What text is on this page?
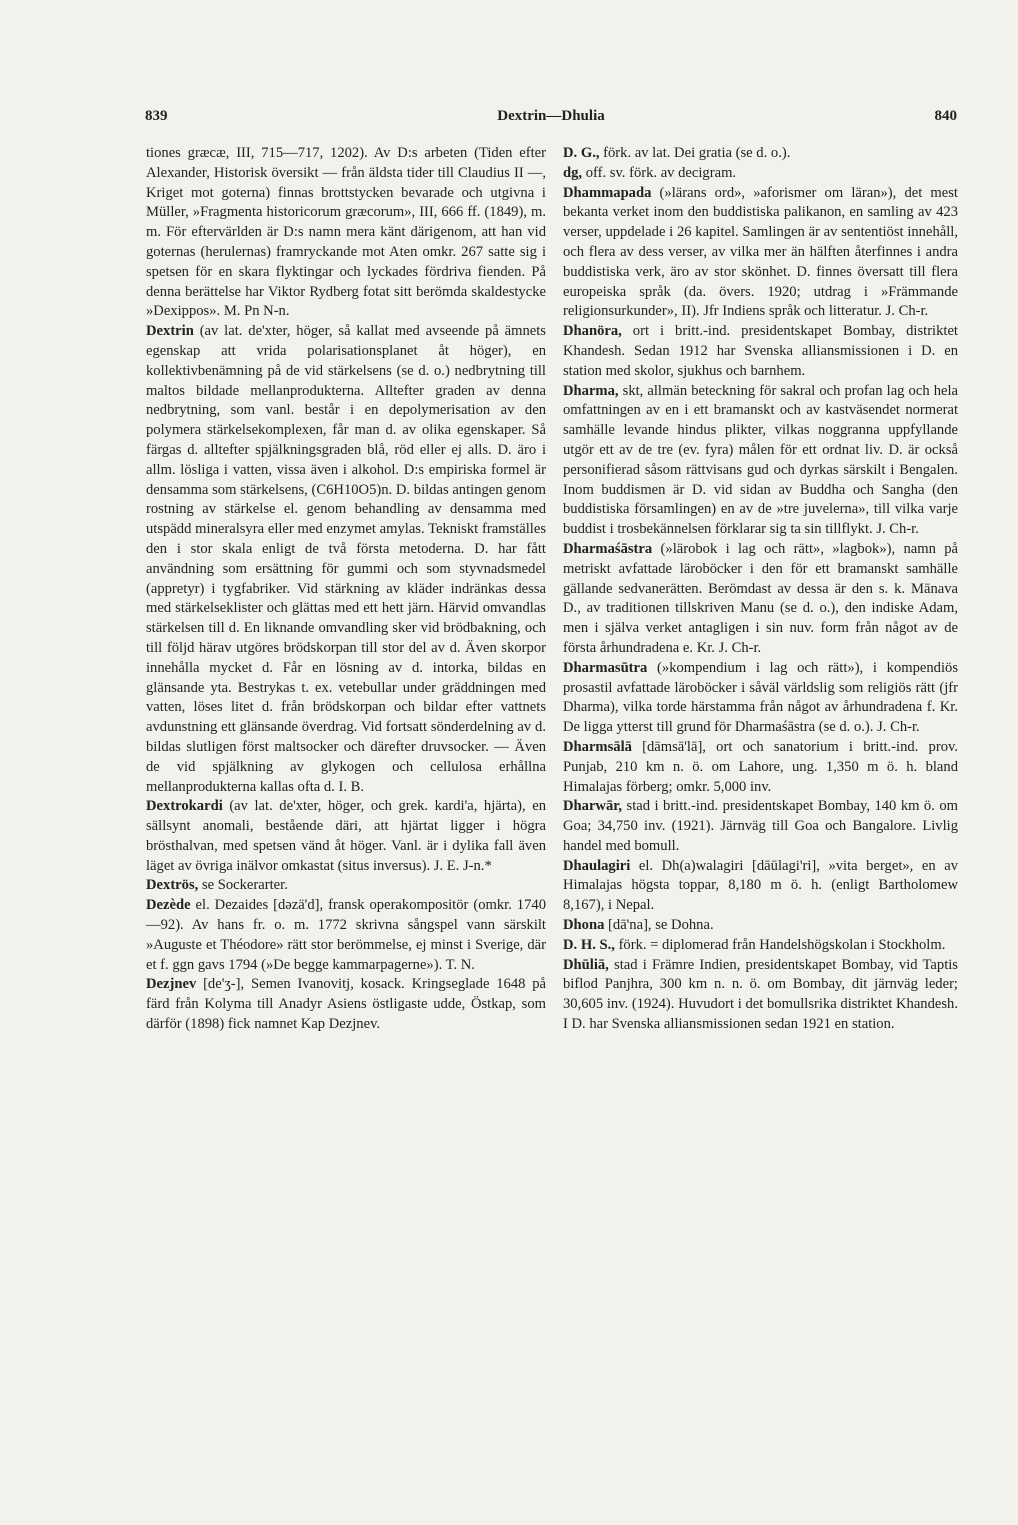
839	Dextrin—Dhulia	840

tiones græcæ, III, 715—717, 1202). Av D:s arbeten (Tiden efter Alexander, Historisk översikt — från äldsta tider till Claudius II —, Kriget mot goterna) finnas brottstycken bevarade och utgivna i Müller, »Fragmenta historicorum græcorum», III, 666 ff. (1849), m. m. För eftervärlden är D:s namn mera känt därigenom, att han vid goternas (herulernas) framryckande mot Aten omkr. 267 satte sig i spetsen för en skara flyktingar och lyckades fördriva fienden. På denna berättelse har Viktor Rydberg fotat sitt berömda skaldestycke »Dexippos». M. Pn N-n.

Dextrin (av lat. de'xter, höger, så kallat med avseende på ämnets egenskap att vrida polarisationsplanet åt höger), en kollektivbenämning på de vid stärkelsens (se d. o.) nedbrytning till maltos bildade mellanprodukterna. Alltefter graden av denna nedbrytning, som vanl. består i en depolymerisation av den polymera stärkelsekomplexen, får man d. av olika egenskaper. Så färgas d. alltefter spjälkningsgraden blå, röd eller ej alls. D. äro i allm. lösliga i vatten, vissa även i alkohol. D:s empiriska formel är densamma som stärkelsens, (C6H10O5)n. D. bildas antingen genom rostning av stärkelse el. genom behandling av densamma med utspädd mineralsyra eller med enzymet amylas. Tekniskt framställes den i stor skala enligt de två första metoderna. D. har fått användning som ersättning för gummi och som styvnadsmedel (appretyr) i tygfabriker. Vid stärkning av kläder indränkas dessa med stärkelseklister och glättas med ett hett järn. Härvid omvandlas stärkelsen till d. En liknande omvandling sker vid brödbakning, och till följd härav utgöres brödskorpan till stor del av d. Även skorpor innehålla mycket d. Får en lösning av d. intorka, bildas en glänsande yta. Bestrykas t. ex. vetebullar under gräddningen med vatten, löses litet d. från brödskorpan och bildar efter vattnets avdunstning ett glänsande överdrag. Vid fortsatt sönderdelning av d. bildas slutligen först maltsocker och därefter druvsocker. — Även de vid spjälkning av glykogen och cellulosa erhållna mellanprodukterna kallas ofta d. I. B.

Dextrokardi (av lat. de'xter, höger, och grek. kardi'a, hjärta), en sällsynt anomali, bestående däri, att hjärtat ligger i högra brösthalvan, med spetsen vänd åt höger. Vanl. är i dylika fall även läget av övriga inälvor omkastat (situs inversus). J. E. J-n.*

Dextrös, se Sockerarter.

Dezède el. Dezaides [dəzä'd], fransk operakompositör (omkr. 1740—92). Av hans fr. o. m. 1772 skrivna sångspel vann särskilt »Auguste et Théodore» rätt stor berömmelse, ej minst i Sverige, där et f. ggn gavs 1794 (»De begge kammarpagerne»). T. N.

Dezjnev [de'ʒ-], Semen Ivanovitj, kosack. Kringseglade 1648 på färd från Kolyma till Anadyr Asiens östligaste udde, Östkap, som därför (1898) fick namnet Kap Dezjnev.

D. G., förk. av lat. Dei gratia (se d. o.).

dg, off. sv. förk. av decigram.

Dhammapada (»lärans ord», »aforismer om läran»), det mest bekanta verket inom den buddistiska palikanon, en samling av 423 verser, uppdelade i 26 kapitel. Samlingen är av sententiöst innehåll, och flera av dess verser, av vilka mer än hälften återfinnes i andra buddistiska verk, äro av stor skönhet. D. finnes översatt till flera europeiska språk (da. övers. 1920; utdrag i »Främmande religionsurkunder», II). Jfr Indiens språk och litteratur. J. Ch-r.

Dhanöra, ort i britt.-ind. presidentskapet Bombay, distriktet Khandesh. Sedan 1912 har Svenska alliansmissionen i D. en station med skolor, sjukhus och barnhem.

Dharma, skt, allmän beteckning för sakral och profan lag och hela omfattningen av en i ett bramanskt och av kastväsendet normerat samhälle levande hindus plikter, vilkas noggranna uppfyllande utgör ett av de tre (ev. fyra) målen för ett ordnat liv. D. är också personifierad såsom rättvisans gud och dyrkas särskilt i Bengalen. Inom buddismen är D. vid sidan av Buddha och Sangha (den buddistiska församlingen) en av de »tre juvelerna», till vilka varje buddist i trosbekännelsen förklarar sig ta sin tillflykt. J. Ch-r.

Dharmaśāstra (»lärobok i lag och rätt», »lagbok»), namn på metriskt avfattade läroböcker i den för ett bramanskt samhälle gällande sedvanerätten. Berömdast av dessa är den s. k. Mānava D., av traditionen tillskriven Manu (se d. o.), den indiske Adam, men i själva verket antagligen i sin nuv. form från något av de första århundradena e. Kr. J. Ch-r.

Dharmasūtra (»kompendium i lag och rätt»), i kompendiös prosastil avfattade läroböcker i såväl världslig som religiös rätt (jfr Dharma), vilka torde härstamma från något av århundradena f. Kr. De ligga ytterst till grund för Dharmaśāstra (se d. o.). J. Ch-r.

Dharmsālā [dāmsā'lā], ort och sanatorium i britt.-ind. prov. Punjab, 210 km n. ö. om Lahore, ung. 1,350 m ö. h. bland Himalajas förberg; omkr. 5,000 inv.

Dharwār, stad i britt.-ind. presidentskapet Bombay, 140 km ö. om Goa; 34,750 inv. (1921). Järnväg till Goa och Bangalore. Livlig handel med bomull.

Dhaulagiri el. Dh(a)walagiri [dāūlagi'ri], »vita berget», en av Himalajas högsta toppar, 8,180 m ö. h. (enligt Bartholomew 8,167), i Nepal.

Dhona [dā'na], se Dohna.

D. H. S., förk. = diplomerad från Handelshögskolan i Stockholm.

Dhūliā, stad i Främre Indien, presidentskapet Bombay, vid Taptis biflod Panjhra, 300 km n. n. ö. om Bombay, dit järnväg leder; 30,605 inv. (1924). Huvudort i det bomullsrika distriktet Khandesh. I D. har Svenska alliansmissionen sedan 1921 en station.
